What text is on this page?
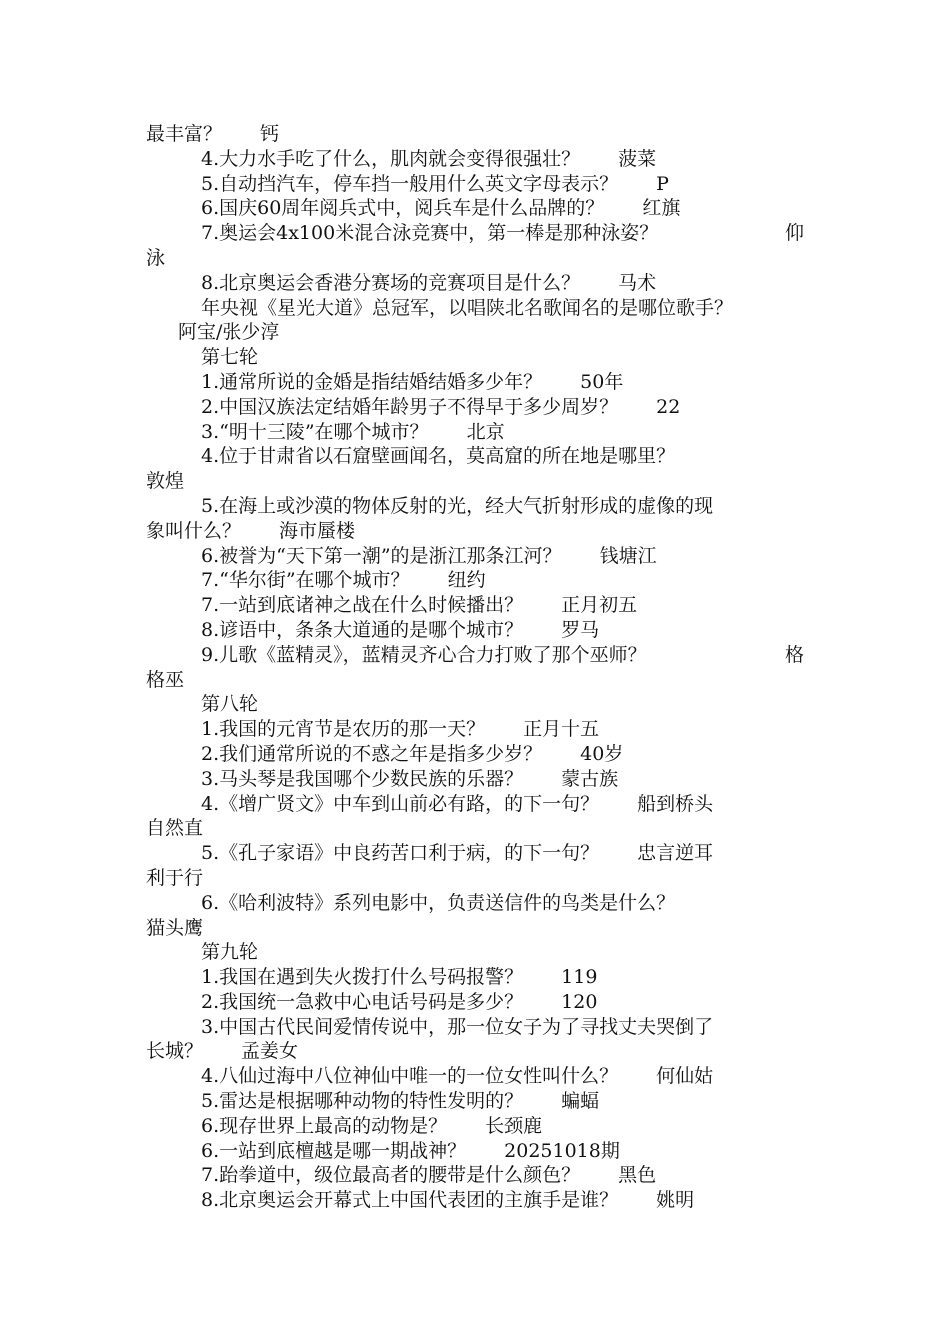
最丰富？ 钙
4.大力水手吃了什么，肌肉就会变得很强壮？ 菠菜
5.自动挡汽车，停车挡一般用什么英文字母表示？ P
6.国庆60周年阅兵式中，阅兵车是什么品牌的？ 红旗
7.奥运会4x100米混合泳竞赛中，第一棒是那种泳姿？	仰
泳
8.北京奥运会香港分赛场的竞赛项目是什么？ 马术
年央视《星光大道》总冠军，以唱陕北名歌闻名的是哪位歌手？
阿宝/张少淳
第七轮
1.通常所说的金婚是指结婚结婚多少年？ 50年
2.中国汉族法定结婚年龄男子不得早于多少周岁？ 22
3.“明十三陵”在哪个城市？ 北京
4.位于甘肃省以石窟壁画闻名，莫高窟的所在地是哪里？
敦煌
5.在海上或沙漠的物体反射的光，经大气折射形成的虚像的现
象叫什么？ 海市蜃楼
6.被誉为“天下第一潮”的是浙江那条江河？ 钱塘江
7.“华尔街”在哪个城市？ 纽约
7.一站到底诸神之战在什么时候播出？ 正月初五
8.谚语中，条条大道通的是哪个城市？ 罗马
9.儿歌《蓝精灵》，蓝精灵齐心合力打败了那个巫师？	格
格巫
第八轮
1.我国的元宵节是农历的那一天？ 正月十五
2.我们通常所说的不惑之年是指多少岁？ 40岁
3.马头琴是我国哪个少数民族的乐器？ 蒙古族
4.《增广贤文》中车到山前必有路，的下一句？ 船到桥头
自然直
5.《孔子家语》中良药苦口利于病，的下一句？ 忠言逆耳
利于行
6.《哈利波特》系列电影中，负责送信件的鸟类是什么？
猫头鹰
第九轮
1.我国在遇到失火拨打什么号码报警？ 119
2.我国统一急救中心电话号码是多少？ 120
3.中国古代民间爱情传说中，那一位女子为了寻找丈夫哭倒了
长城？ 孟姜女
4.八仙过海中八位神仙中唯一的一位女性叫什么？ 何仙姑
5.雷达是根据哪种动物的特性发明的？ 蝙蝠
6.现存世界上最高的动物是？ 长颈鹿
6.一站到底檀越是哪一期战神？ 20251018期
7.跆拳道中，级位最高者的腰带是什么颜色？ 黑色
8.北京奥运会开幕式上中国代表团的主旗手是谁？ 姚明
